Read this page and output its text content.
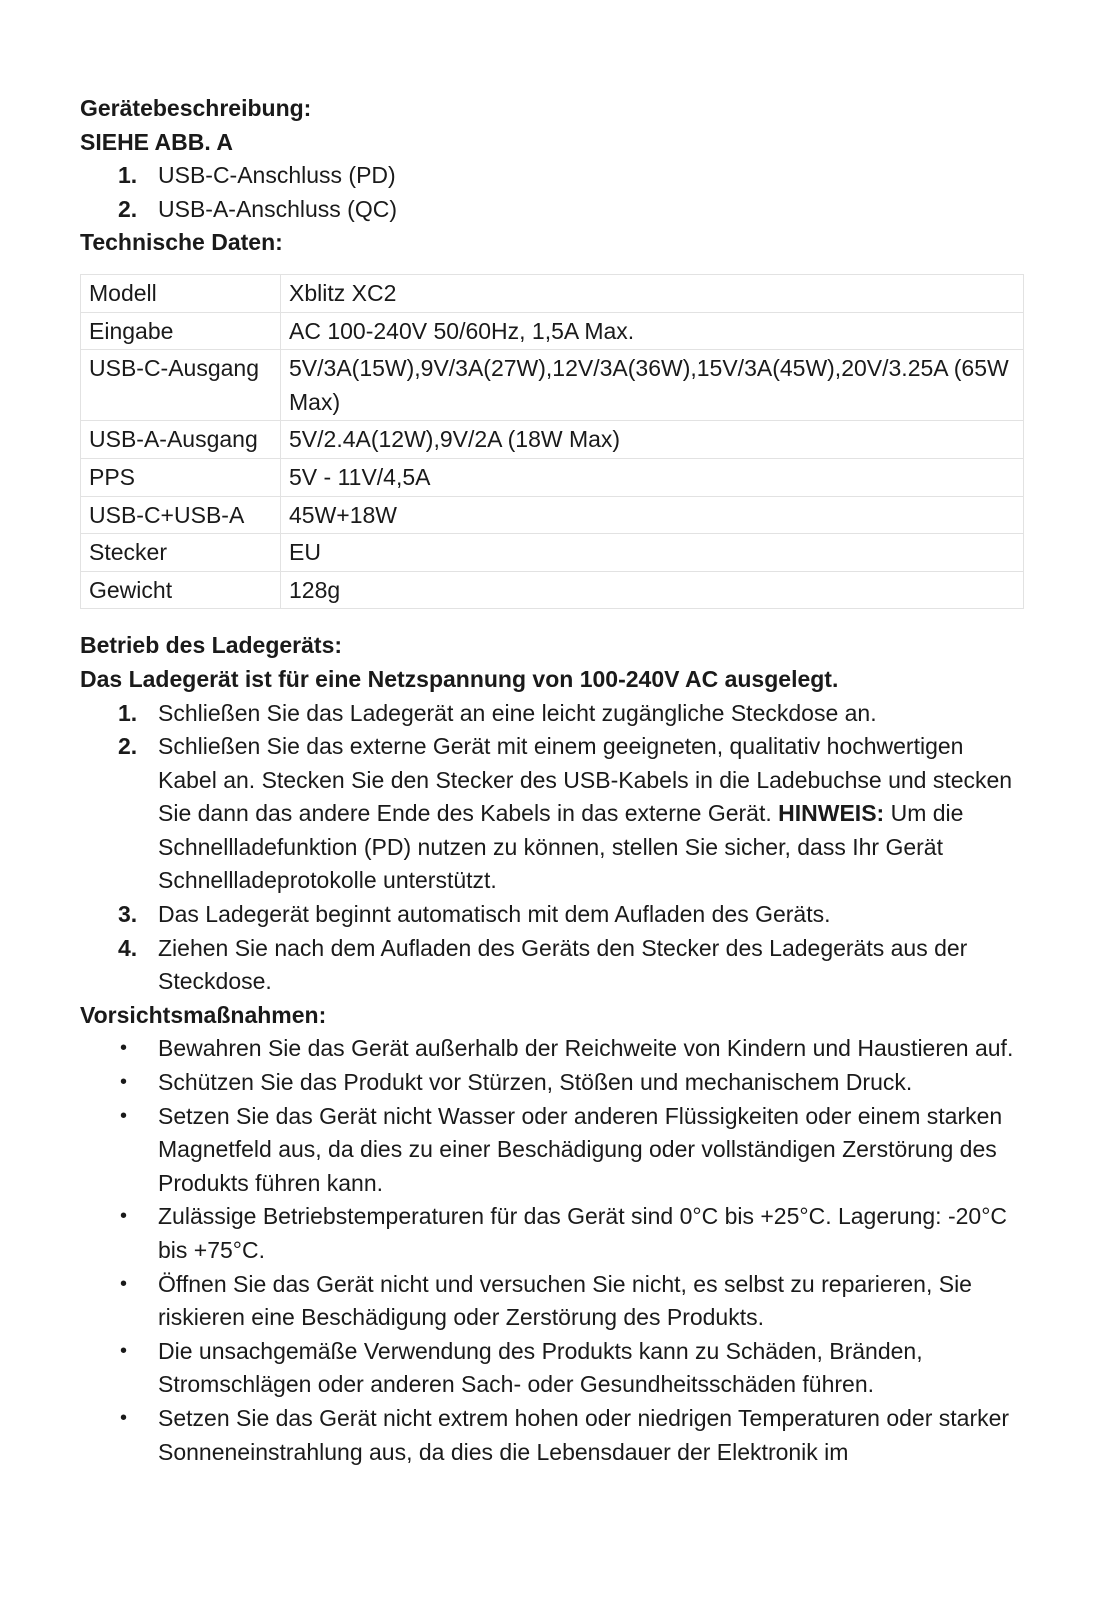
Gerätebeschreibung:

SIEHE ABB. A

1. USB-C-Anschluss (PD)
2. USB-A-Anschluss (QC)

Technische Daten:

Modell	Xblitz XC2
Eingabe	AC 100-240V 50/60Hz, 1,5A Max.
USB-C-Ausgang	5V/3A(15W),9V/3A(27W),12V/3A(36W),15V/3A(45W),20V/3.25A (65W Max)
USB-A-Ausgang	5V/2.4A(12W),9V/2A (18W Max)
PPS	5V - 11V/4,5A
USB-C+USB-A	45W+18W
Stecker	EU
Gewicht	128g

Betrieb des Ladegeräts:

Das Ladegerät ist für eine Netzspannung von 100-240V AC ausgelegt.

1. Schließen Sie das Ladegerät an eine leicht zugängliche Steckdose an.
2. Schließen Sie das externe Gerät mit einem geeigneten, qualitativ hochwertigen Kabel an. Stecken Sie den Stecker des USB-Kabels in die Ladebuchse und stecken Sie dann das andere Ende des Kabels in das externe Gerät. HINWEIS: Um die Schnellladefunktion (PD) nutzen zu können, stellen Sie sicher, dass Ihr Gerät Schnellladeprotokolle unterstützt.
3. Das Ladegerät beginnt automatisch mit dem Aufladen des Geräts.
4. Ziehen Sie nach dem Aufladen des Geräts den Stecker des Ladegeräts aus der Steckdose.

Vorsichtsmaßnahmen:

• Bewahren Sie das Gerät außerhalb der Reichweite von Kindern und Haustieren auf.
• Schützen Sie das Produkt vor Stürzen, Stößen und mechanischem Druck.
• Setzen Sie das Gerät nicht Wasser oder anderen Flüssigkeiten oder einem starken Magnetfeld aus, da dies zu einer Beschädigung oder vollständigen Zerstörung des Produkts führen kann.
• Zulässige Betriebstemperaturen für das Gerät sind 0°C bis +25°C. Lagerung: -20°C bis +75°C.
• Öffnen Sie das Gerät nicht und versuchen Sie nicht, es selbst zu reparieren, Sie riskieren eine Beschädigung oder Zerstörung des Produkts.
• Die unsachgemäße Verwendung des Produkts kann zu Schäden, Bränden, Stromschlägen oder anderen Sach- oder Gesundheitsschäden führen.
• Setzen Sie das Gerät nicht extrem hohen oder niedrigen Temperaturen oder starker Sonneneinstrahlung aus, da dies die Lebensdauer der Elektronik im
